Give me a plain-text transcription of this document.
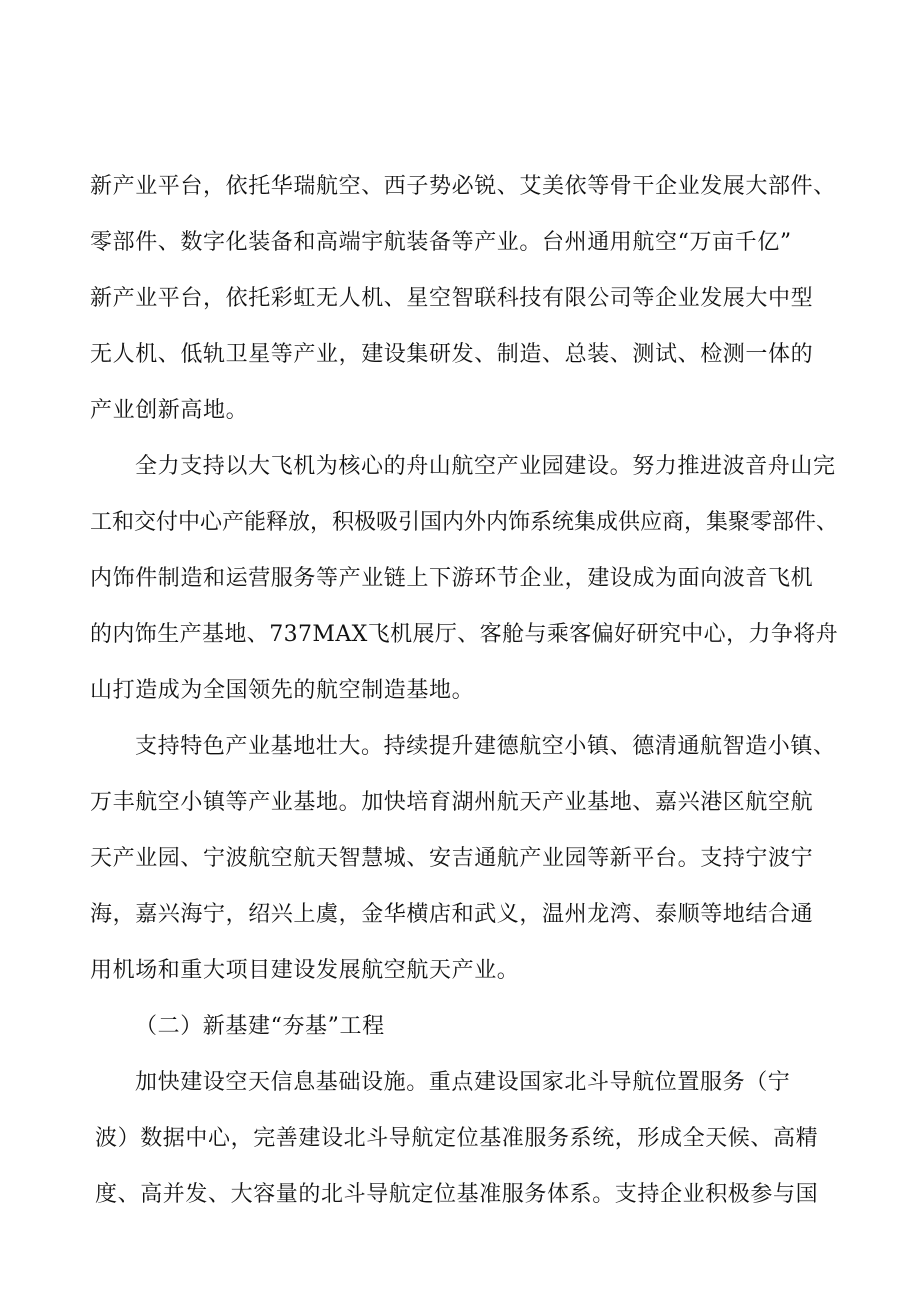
新产业平台，依托华瑞航空、西子势必锐、艾美依等骨干企业发展大部件、
零部件、数字化装备和高端宇航装备等产业。台州通用航空“万亩千亿”
新产业平台，依托彩虹无人机、星空智联科技有限公司等企业发展大中型
无人机、低轨卫星等产业，建设集研发、制造、总装、测试、检测一体的
产业创新高地。
全力支持以大飞机为核心的舟山航空产业园建设。努力推进波音舟山完
工和交付中心产能释放，积极吸引国内外内饰系统集成供应商，集聚零部件、
内饰件制造和运营服务等产业链上下游环节企业，建设成为面向波音飞机
的内饰生产基地、737MAX飞机展厅、客舱与乘客偏好研究中心，力争将舟
山打造成为全国领先的航空制造基地。
支持特色产业基地壮大。持续提升建德航空小镇、德清通航智造小镇、
万丰航空小镇等产业基地。加快培育湖州航天产业基地、嘉兴港区航空航
天产业园、宁波航空航天智慧城、安吉通航产业园等新平台。支持宁波宁
海，嘉兴海宁，绍兴上虞，金华横店和武义，温州龙湾、泰顺等地结合通
用机场和重大项目建设发展航空航天产业。
（二）新基建“夯基”工程
加快建设空天信息基础设施。重点建设国家北斗导航位置服务（宁
波）数据中心，完善建设北斗导航定位基准服务系统，形成全天候、高精
度、高并发、大容量的北斗导航定位基准服务体系。支持企业积极参与国
